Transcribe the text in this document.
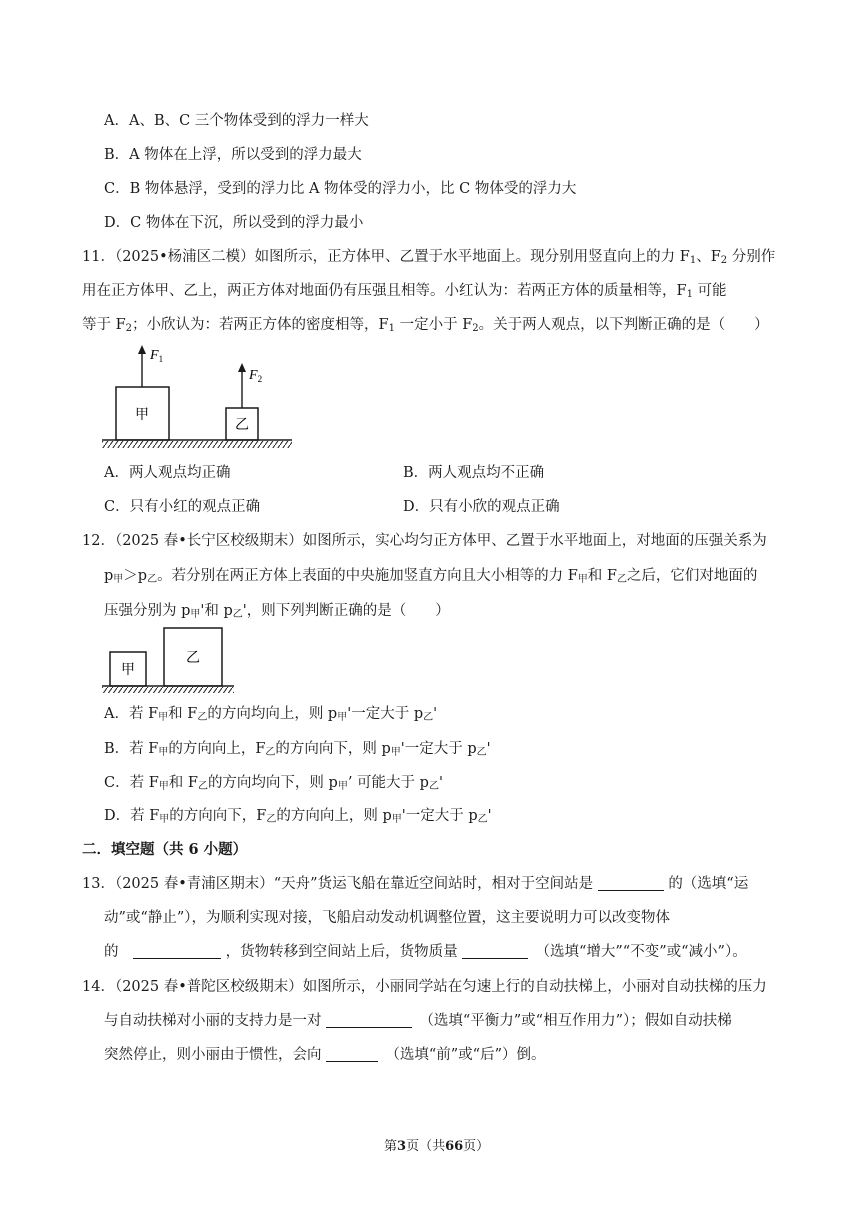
A．A、B、C 三个物体受到的浮力一样大
B．A 物体在上浮，所以受到的浮力最大
C．B 物体悬浮，受到的浮力比 A 物体受的浮力小，比 C 物体受的浮力大
D．C 物体在下沉，所以受到的浮力最小
11．（2025•杨浦区二模）如图所示，正方体甲、乙置于水平地面上。现分别用竖直向上的力 $F_1$、$F_2$ 分别作
用在正方体甲、乙上，两正方体对地面仍有压强且相等。小红认为：若两正方体的质量相等，$F_1$ 可能
等于 $F_2$；小欣认为：若两正方体的密度相等，$F_1$ 一定小于 $F_2$。关于两人观点，以下判断正确的是（　　）
$F_1$
$F_2$
甲
乙
A．两人观点均正确	B．两人观点均不正确
C．只有小红的观点正确	D．只有小欣的观点正确
12．（2025 春•长宁区校级期末）如图所示，实心均匀正方体甲、乙置于水平地面上，对地面的压强关系为
$p_甲>p_乙$。若分别在两正方体上表面的中央施加竖直方向且大小相等的力 $F_甲$和 $F_乙$之后，它们对地面的
压强分别为 $p_甲'$和 $p_乙'$，则下列判断正确的是（　　）
甲
乙
A．若 $F_甲$和 $F_乙$的方向均向上，则 $p_甲'$一定大于 $p_乙'$
B．若 $F_甲$的方向向上，$F_乙$的方向向下，则 $p_甲'$一定大于 $p_乙'$
C．若 $F_甲$和 $F_乙$的方向均向下，则 $p_甲$’ 可能大于 $p_乙'$
D．若 $F_甲$的方向向下，$F_乙$的方向向上，则 $p_甲'$一定大于 $p_乙'$
二．填空题（共 6 小题）
13．（2025 春•青浦区期末）“天舟”货运飞船在靠近空间站时，相对于空间站是	的（选填“运
动”或“静止”），为顺利实现对接，飞船启动发动机调整位置，这主要说明力可以改变物体
的　	，货物转移到空间站上后，货物质量 　	（选填“增大”“不变”或“减小”）。
14．（2025 春•普陀区校级期末）如图所示，小丽同学站在匀速上行的自动扶梯上，小丽对自动扶梯的压力
与自动扶梯对小丽的支持力是一对 　	（选填“平衡力”或“相互作用力”）；假如自动扶梯
突然停止，则小丽由于惯性，会向 　	（选填“前”或“后”）倒。
第3页（共66页）
